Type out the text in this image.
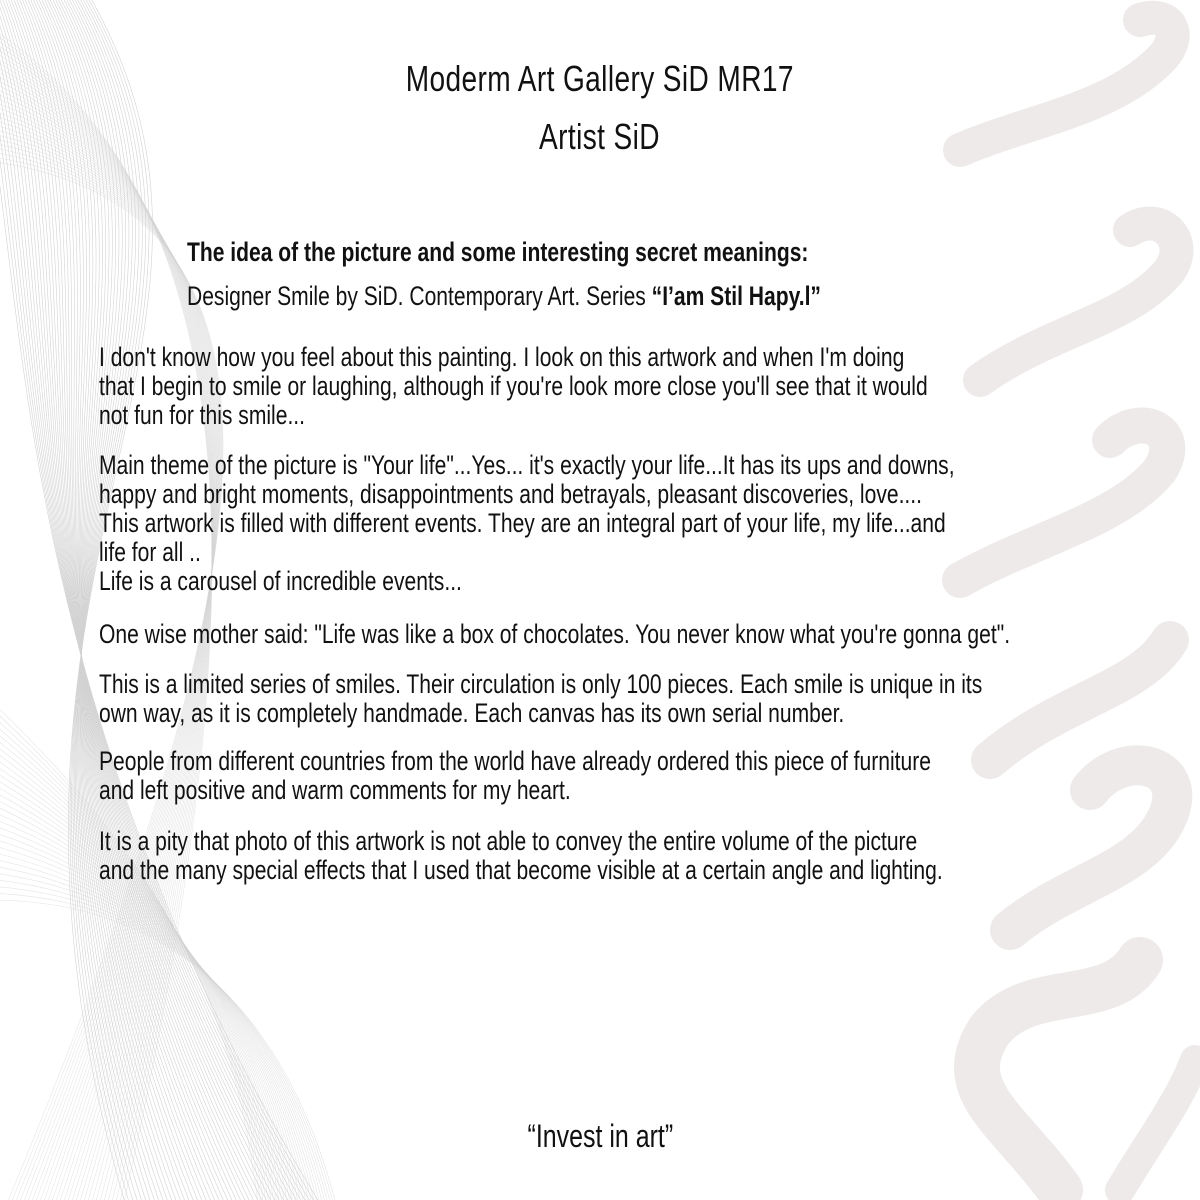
Moderm Art Gallery SiD MR17
Artist SiD
The idea of the picture and some interesting secret meanings:
Designer Smile by SiD. Contemporary Art. Series “I’am Stil Hapy.l”
I don't know how you feel about this painting. I look on this artwork and when I'm doing
that I begin to smile or laughing, although if you're look more close you'll see that it would
not fun for this smile...
Main theme of the picture is "Your life"...Yes... it's exactly your life...It has its ups and downs,
happy and bright moments, disappointments and betrayals, pleasant discoveries, love....
This artwork is filled with different events. They are an integral part of your life, my life...and
life for all ..
Life is a carousel of incredible events...
One wise mother said: "Life was like a box of chocolates. You never know what you're gonna get".
This is a limited series of smiles. Their circulation is only 100 pieces. Each smile is unique in its
own way, as it is completely handmade. Each canvas has its own serial number.
People from different countries from the world have already ordered this piece of furniture
and left positive and warm comments for my heart.
It is a pity that photo of this artwork is not able to convey the entire volume of the picture
and the many special effects that I used that become visible at a certain angle and lighting.
“Invest in art”
